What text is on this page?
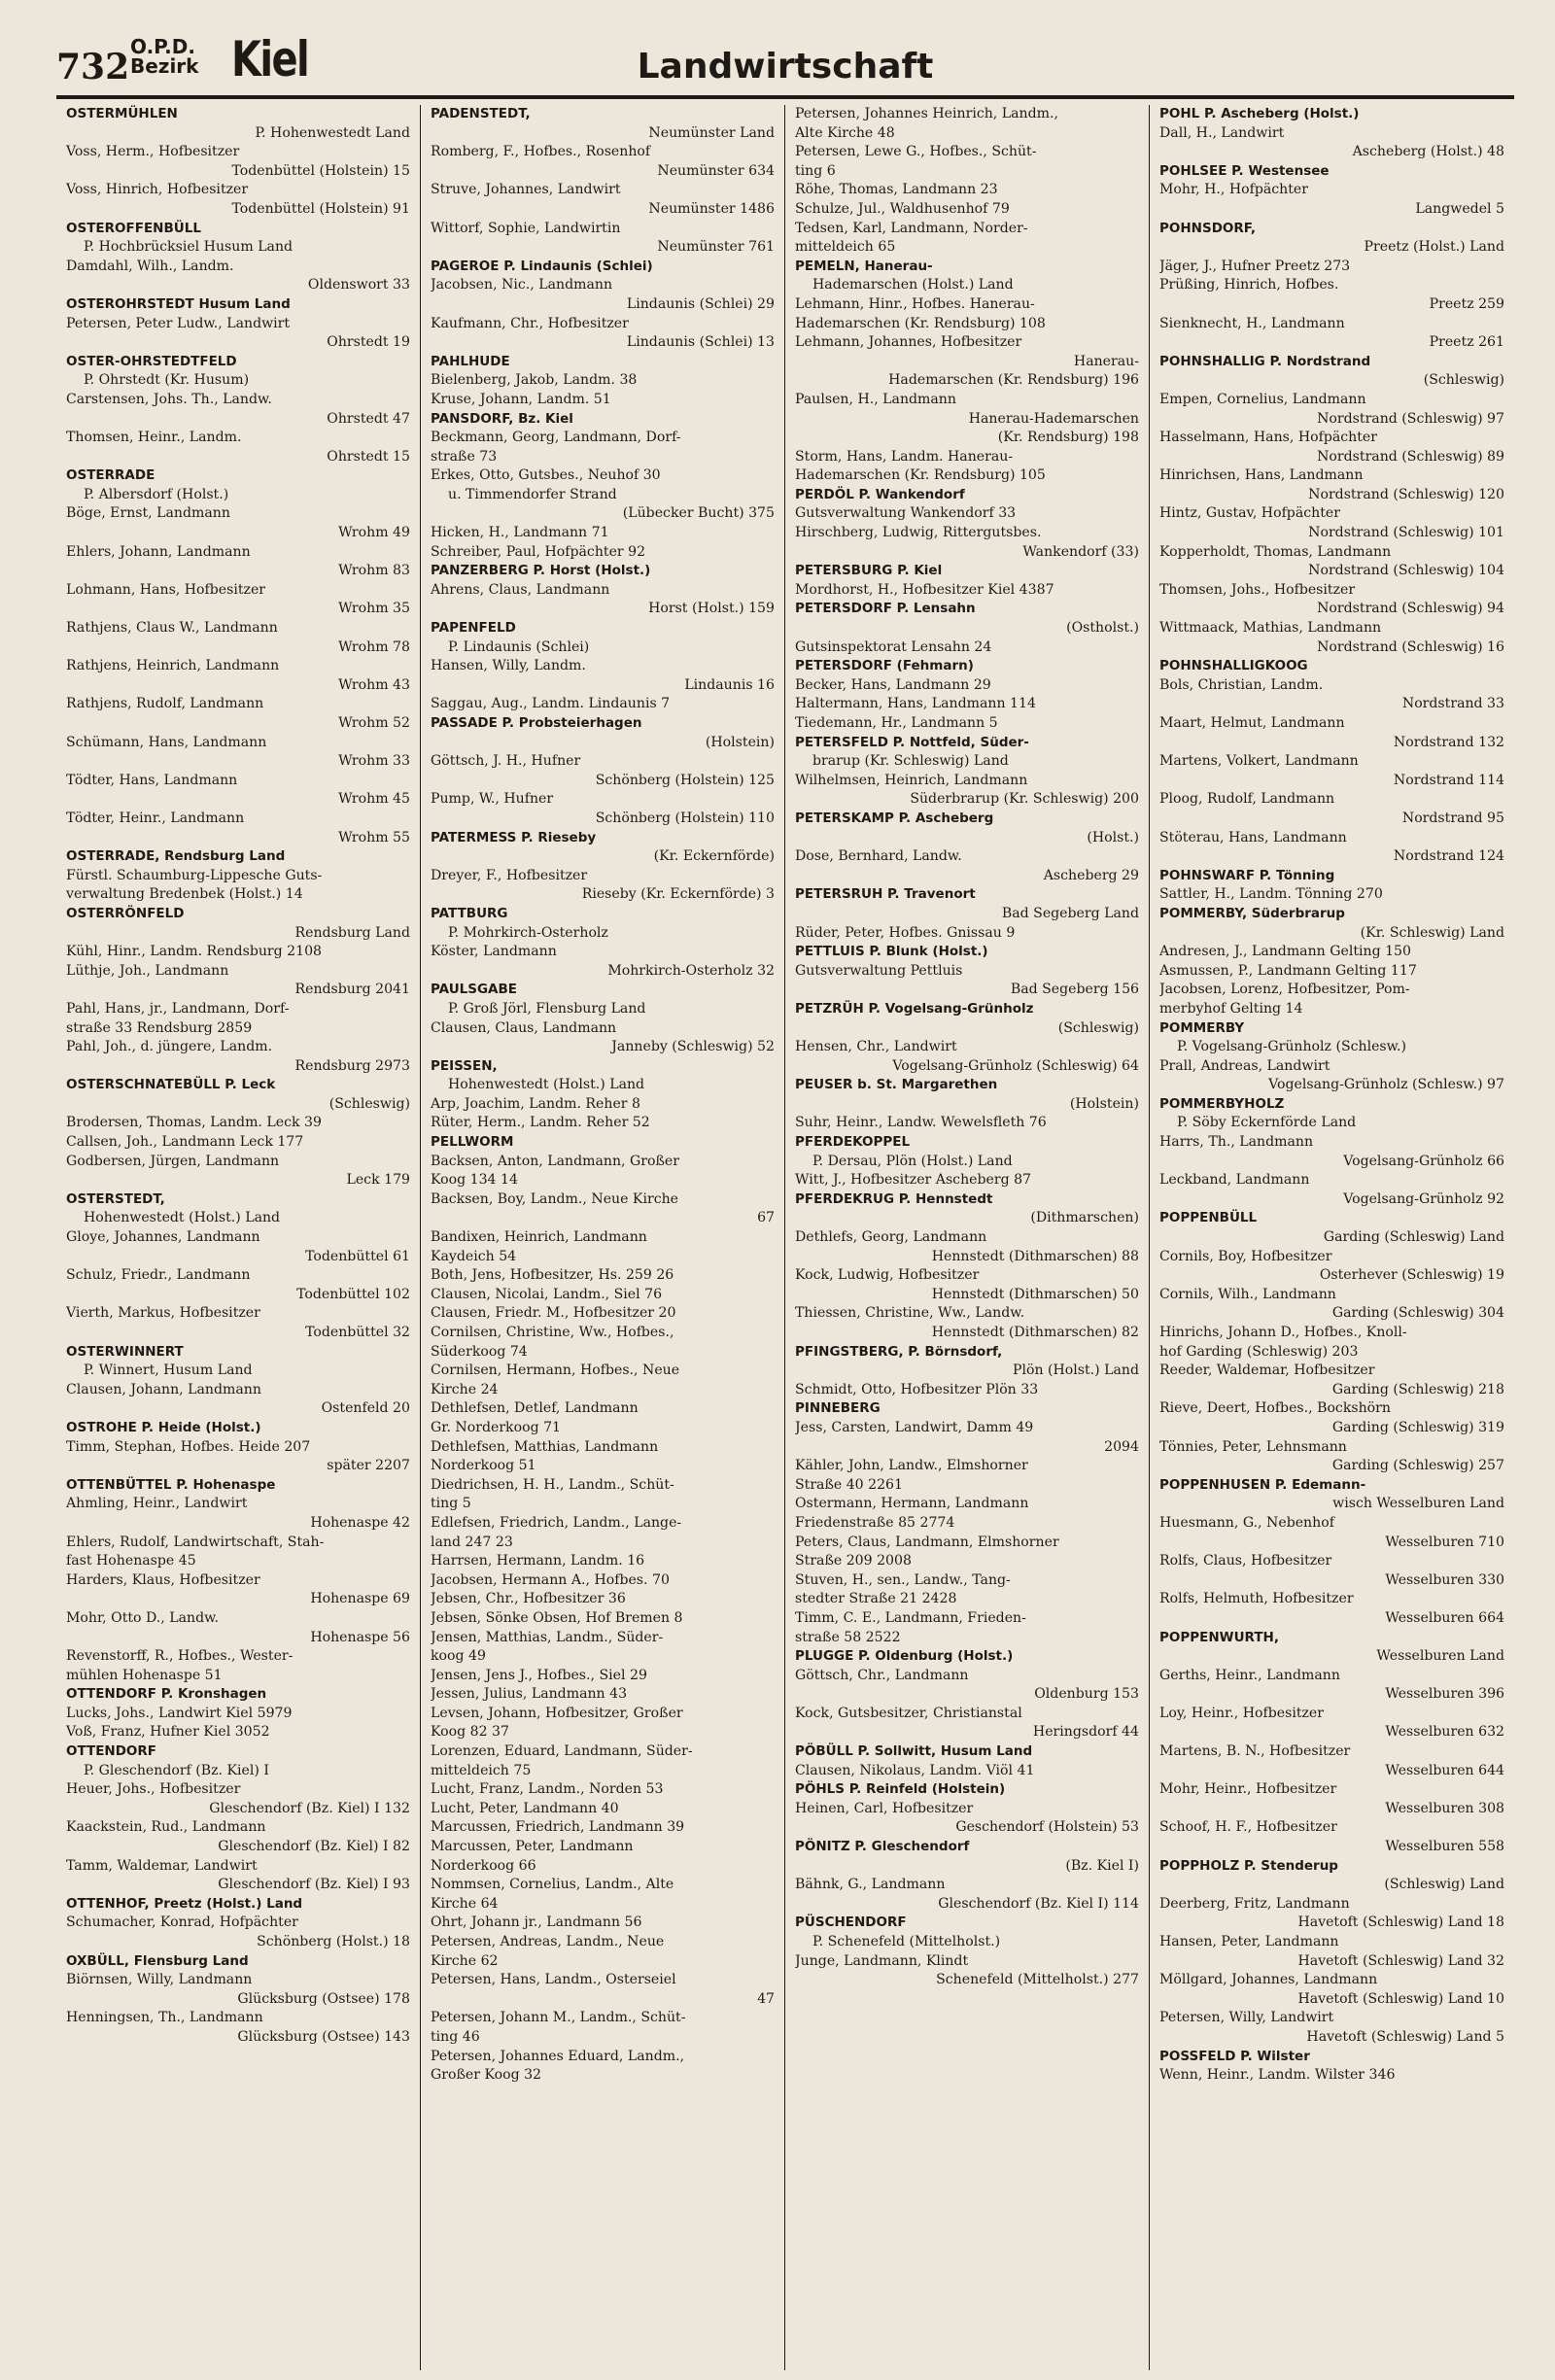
732 O.P.D.
Bezirk Kiel	Landwirtschaft
OSTERMÜHLEN
P. Hohenwestedt Land
Voss, Herm., Hofbesitzer
Todenbüttel (Holstein) 15
Voss, Hinrich, Hofbesitzer
Todenbüttel (Holstein) 91
OSTEROFFENBÜLL
P. Hochbrücksiel Husum Land
Damdahl, Wilh., Landm.
Oldenswort 33
OSTEROHRSTEDT Husum Land
Petersen, Peter Ludw., Landwirt
Ohrstedt 19
OSTER-OHRSTEDTFELD
P. Ohrstedt (Kr. Husum)
Carstensen, Johs. Th., Landw.
Ohrstedt 47
Thomsen, Heinr., Landm.
Ohrstedt 15
OSTERRADE
P. Albersdorf (Holst.)
Böge, Ernst, Landmann
Wrohm 49
Ehlers, Johann, Landmann
Wrohm 83
Lohmann, Hans, Hofbesitzer
Wrohm 35
Rathjens, Claus W., Landmann
Wrohm 78
Rathjens, Heinrich, Landmann
Wrohm 43
Rathjens, Rudolf, Landmann
Wrohm 52
Schümann, Hans, Landmann
Wrohm 33
Tödter, Hans, Landmann
Wrohm 45
Tödter, Heinr., Landmann
Wrohm 55
OSTERRADE, Rendsburg Land
Fürstl. Schaumburg-Lippesche Guts-
verwaltung Bredenbek (Holst.) 14
OSTERRÖNFELD
Rendsburg Land
Kühl, Hinr., Landm. Rendsburg 2108
Lüthje, Joh., Landmann
Rendsburg 2041
Pahl, Hans, jr., Landmann, Dorf-
straße 33 Rendsburg 2859
Pahl, Joh., d. jüngere, Landm.
Rendsburg 2973
OSTERSCHNATEBÜLL P. Leck
(Schleswig)
Brodersen, Thomas, Landm. Leck 39
Callsen, Joh., Landmann Leck 177
Godbersen, Jürgen, Landmann
Leck 179
OSTERSTEDT,
Hohenwestedt (Holst.) Land
Gloye, Johannes, Landmann
Todenbüttel 61
Schulz, Friedr., Landmann
Todenbüttel 102
Vierth, Markus, Hofbesitzer
Todenbüttel 32
OSTERWINNERT
P. Winnert, Husum Land
Clausen, Johann, Landmann
Ostenfeld 20
OSTROHE P. Heide (Holst.)
Timm, Stephan, Hofbes. Heide 207
später 2207
OTTENBÜTTEL P. Hohenaspe
Ahmling, Heinr., Landwirt
Hohenaspe 42
Ehlers, Rudolf, Landwirtschaft, Stah-
fast Hohenaspe 45
Harders, Klaus, Hofbesitzer
Hohenaspe 69
Mohr, Otto D., Landw.
Hohenaspe 56
Revenstorff, R., Hofbes., Wester-
mühlen Hohenaspe 51
OTTENDORF P. Kronshagen
Lucks, Johs., Landwirt Kiel 5979
Voß, Franz, Hufner Kiel 3052
OTTENDORF
P. Gleschendorf (Bz. Kiel) I
Heuer, Johs., Hofbesitzer
Gleschendorf (Bz. Kiel) I 132
Kaackstein, Rud., Landmann
Gleschendorf (Bz. Kiel) I 82
Tamm, Waldemar, Landwirt
Gleschendorf (Bz. Kiel) I 93
OTTENHOF, Preetz (Holst.) Land
Schumacher, Konrad, Hofpächter
Schönberg (Holst.) 18
OXBÜLL, Flensburg Land
Biörnsen, Willy, Landmann
Glücksburg (Ostsee) 178
Henningsen, Th., Landmann
Glücksburg (Ostsee) 143
PADENSTEDT,
Neumünster Land
Romberg, F., Hofbes., Rosenhof
Neumünster 634
Struve, Johannes, Landwirt
Neumünster 1486
Wittorf, Sophie, Landwirtin
Neumünster 761
PAGEROE P. Lindaunis (Schlei)
Jacobsen, Nic., Landmann
Lindaunis (Schlei) 29
Kaufmann, Chr., Hofbesitzer
Lindaunis (Schlei) 13
PAHLHUDE
Bielenberg, Jakob, Landm. 38
Kruse, Johann, Landm. 51
PANSDORF, Bz. Kiel
Beckmann, Georg, Landmann, Dorf-
straße 73
Erkes, Otto, Gutsbes., Neuhof 30
u. Timmendorfer Strand
(Lübecker Bucht) 375
Hicken, H., Landmann 71
Schreiber, Paul, Hofpächter 92
PANZERBERG P. Horst (Holst.)
Ahrens, Claus, Landmann
Horst (Holst.) 159
PAPENFELD
P. Lindaunis (Schlei)
Hansen, Willy, Landm.
Lindaunis 16
Saggau, Aug., Landm. Lindaunis 7
PASSADE P. Probsteierhagen
(Holstein)
Göttsch, J. H., Hufner
Schönberg (Holstein) 125
Pump, W., Hufner
Schönberg (Holstein) 110
PATERMESS P. Rieseby
(Kr. Eckernförde)
Dreyer, F., Hofbesitzer
Rieseby (Kr. Eckernförde) 3
PATTBURG
P. Mohrkirch-Osterholz
Köster, Landmann
Mohrkirch-Osterholz 32
PAULSGABE
P. Groß Jörl, Flensburg Land
Clausen, Claus, Landmann
Janneby (Schleswig) 52
PEISSEN,
Hohenwestedt (Holst.) Land
Arp, Joachim, Landm. Reher 8
Rüter, Herm., Landm. Reher 52
PELLWORM
Backsen, Anton, Landmann, Großer
Koog 134 14
Backsen, Boy, Landm., Neue Kirche
67
Bandixen, Heinrich, Landmann
Kaydeich 54
Both, Jens, Hofbesitzer, Hs. 259 26
Clausen, Nicolai, Landm., Siel 76
Clausen, Friedr. M., Hofbesitzer 20
Cornilsen, Christine, Ww., Hofbes.,
Süderkoog 74
Cornilsen, Hermann, Hofbes., Neue
Kirche 24
Dethlefsen, Detlef, Landmann
Gr. Norderkoog 71
Dethlefsen, Matthias, Landmann
Norderkoog 51
Diedrichsen, H. H., Landm., Schüt-
ting 5
Edlefsen, Friedrich, Landm., Lange-
land 247 23
Harrsen, Hermann, Landm. 16
Jacobsen, Hermann A., Hofbes. 70
Jebsen, Chr., Hofbesitzer 36
Jebsen, Sönke Obsen, Hof Bremen 8
Jensen, Matthias, Landm., Süder-
koog 49
Jensen, Jens J., Hofbes., Siel 29
Jessen, Julius, Landmann 43
Levsen, Johann, Hofbesitzer, Großer
Koog 82 37
Lorenzen, Eduard, Landmann, Süder-
mitteldeich 75
Lucht, Franz, Landm., Norden 53
Lucht, Peter, Landmann 40
Marcussen, Friedrich, Landmann 39
Marcussen, Peter, Landmann
Norderkoog 66
Nommsen, Cornelius, Landm., Alte
Kirche 64
Ohrt, Johann jr., Landmann 56
Petersen, Andreas, Landm., Neue
Kirche 62
Petersen, Hans, Landm., Osterseiel
47
Petersen, Johann M., Landm., Schüt-
ting 46
Petersen, Johannes Eduard, Landm.,
Großer Koog 32
Petersen, Johannes Heinrich, Landm.,
Alte Kirche 48
Petersen, Lewe G., Hofbes., Schüt-
ting 6
Röhe, Thomas, Landmann 23
Schulze, Jul., Waldhusenhof 79
Tedsen, Karl, Landmann, Norder-
mitteldeich 65
PEMELN, Hanerau-
Hademarschen (Holst.) Land
Lehmann, Hinr., Hofbes. Hanerau-
Hademarschen (Kr. Rendsburg) 108
Lehmann, Johannes, Hofbesitzer
Hanerau-
Hademarschen (Kr. Rendsburg) 196
Paulsen, H., Landmann
Hanerau-Hademarschen
(Kr. Rendsburg) 198
Storm, Hans, Landm. Hanerau-
Hademarschen (Kr. Rendsburg) 105
PERDÖL P. Wankendorf
Gutsverwaltung Wankendorf 33
Hirschberg, Ludwig, Rittergutsbes.
Wankendorf (33)
PETERSBURG P. Kiel
Mordhorst, H., Hofbesitzer Kiel 4387
PETERSDORF P. Lensahn
(Ostholst.)
Gutsinspektorat Lensahn 24
PETERSDORF (Fehmarn)
Becker, Hans, Landmann 29
Haltermann, Hans, Landmann 114
Tiedemann, Hr., Landmann 5
PETERSFELD P. Nottfeld, Süder-
brarup (Kr. Schleswig) Land
Wilhelmsen, Heinrich, Landmann
Süderbrarup (Kr. Schleswig) 200
PETERSKAMP P. Ascheberg
(Holst.)
Dose, Bernhard, Landw.
Ascheberg 29
PETERSRUH P. Travenort
Bad Segeberg Land
Rüder, Peter, Hofbes. Gnissau 9
PETTLUIS P. Blunk (Holst.)
Gutsverwaltung Pettluis
Bad Segeberg 156
PETZRÜH P. Vogelsang-Grünholz
(Schleswig)
Hensen, Chr., Landwirt
Vogelsang-Grünholz (Schleswig) 64
PEUSER b. St. Margarethen
(Holstein)
Suhr, Heinr., Landw. Wewelsfleth 76
PFERDEKOPPEL
P. Dersau, Plön (Holst.) Land
Witt, J., Hofbesitzer Ascheberg 87
PFERDEKRUG P. Hennstedt
(Dithmarschen)
Dethlefs, Georg, Landmann
Hennstedt (Dithmarschen) 88
Kock, Ludwig, Hofbesitzer
Hennstedt (Dithmarschen) 50
Thiessen, Christine, Ww., Landw.
Hennstedt (Dithmarschen) 82
PFINGSTBERG, P. Börnsdorf,
Plön (Holst.) Land
Schmidt, Otto, Hofbesitzer Plön 33
PINNEBERG
Jess, Carsten, Landwirt, Damm 49
2094
Kähler, John, Landw., Elmshorner
Straße 40 2261
Ostermann, Hermann, Landmann
Friedenstraße 85 2774
Peters, Claus, Landmann, Elmshorner
Straße 209 2008
Stuven, H., sen., Landw., Tang-
stedter Straße 21 2428
Timm, C. E., Landmann, Frieden-
straße 58 2522
PLUGGE P. Oldenburg (Holst.)
Göttsch, Chr., Landmann
Oldenburg 153
Kock, Gutsbesitzer, Christianstal
Heringsdorf 44
PÖBÜLL P. Sollwitt, Husum Land
Clausen, Nikolaus, Landm. Viöl 41
PÖHLS P. Reinfeld (Holstein)
Heinen, Carl, Hofbesitzer
Geschendorf (Holstein) 53
PÖNITZ P. Gleschendorf
(Bz. Kiel I)
Bähnk, G., Landmann
Gleschendorf (Bz. Kiel I) 114
PÜSCHENDORF
P. Schenefeld (Mittelholst.)
Junge, Landmann, Klindt
Schenefeld (Mittelholst.) 277
POHL P. Ascheberg (Holst.)
Dall, H., Landwirt
Ascheberg (Holst.) 48
POHLSEE P. Westensee
Mohr, H., Hofpächter
Langwedel 5
POHNSDORF,
Preetz (Holst.) Land
Jäger, J., Hufner Preetz 273
Prüßing, Hinrich, Hofbes.
Preetz 259
Sienknecht, H., Landmann
Preetz 261
POHNSHALLIG P. Nordstrand
(Schleswig)
Empen, Cornelius, Landmann
Nordstrand (Schleswig) 97
Hasselmann, Hans, Hofpächter
Nordstrand (Schleswig) 89
Hinrichsen, Hans, Landmann
Nordstrand (Schleswig) 120
Hintz, Gustav, Hofpächter
Nordstrand (Schleswig) 101
Kopperholdt, Thomas, Landmann
Nordstrand (Schleswig) 104
Thomsen, Johs., Hofbesitzer
Nordstrand (Schleswig) 94
Wittmaack, Mathias, Landmann
Nordstrand (Schleswig) 16
POHNSHALLIGKOOG
Bols, Christian, Landm.
Nordstrand 33
Maart, Helmut, Landmann
Nordstrand 132
Martens, Volkert, Landmann
Nordstrand 114
Ploog, Rudolf, Landmann
Nordstrand 95
Stöterau, Hans, Landmann
Nordstrand 124
POHNSWARF P. Tönning
Sattler, H., Landm. Tönning 270
POMMERBY, Süderbrarup
(Kr. Schleswig) Land
Andresen, J., Landmann Gelting 150
Asmussen, P., Landmann Gelting 117
Jacobsen, Lorenz, Hofbesitzer, Pom-
merbyhof Gelting 14
POMMERBY
P. Vogelsang-Grünholz (Schlesw.)
Prall, Andreas, Landwirt
Vogelsang-Grünholz (Schlesw.) 97
POMMERBYHOLZ
P. Söby Eckernförde Land
Harrs, Th., Landmann
Vogelsang-Grünholz 66
Leckband, Landmann
Vogelsang-Grünholz 92
POPPENBÜLL
Garding (Schleswig) Land
Cornils, Boy, Hofbesitzer
Osterhever (Schleswig) 19
Cornils, Wilh., Landmann
Garding (Schleswig) 304
Hinrichs, Johann D., Hofbes., Knoll-
hof Garding (Schleswig) 203
Reeder, Waldemar, Hofbesitzer
Garding (Schleswig) 218
Rieve, Deert, Hofbes., Bockshörn
Garding (Schleswig) 319
Tönnies, Peter, Lehnsmann
Garding (Schleswig) 257
POPPENHUSEN P. Edemann-
wisch Wesselburen Land
Huesmann, G., Nebenhof
Wesselburen 710
Rolfs, Claus, Hofbesitzer
Wesselburen 330
Rolfs, Helmuth, Hofbesitzer
Wesselburen 664
POPPENWURTH,
Wesselburen Land
Gerths, Heinr., Landmann
Wesselburen 396
Loy, Heinr., Hofbesitzer
Wesselburen 632
Martens, B. N., Hofbesitzer
Wesselburen 644
Mohr, Heinr., Hofbesitzer
Wesselburen 308
Schoof, H. F., Hofbesitzer
Wesselburen 558
POPPHOLZ P. Stenderup
(Schleswig) Land
Deerberg, Fritz, Landmann
Havetoft (Schleswig) Land 18
Hansen, Peter, Landmann
Havetoft (Schleswig) Land 32
Möllgard, Johannes, Landmann
Havetoft (Schleswig) Land 10
Petersen, Willy, Landwirt
Havetoft (Schleswig) Land 5
POSSFELD P. Wilster
Wenn, Heinr., Landm. Wilster 346
